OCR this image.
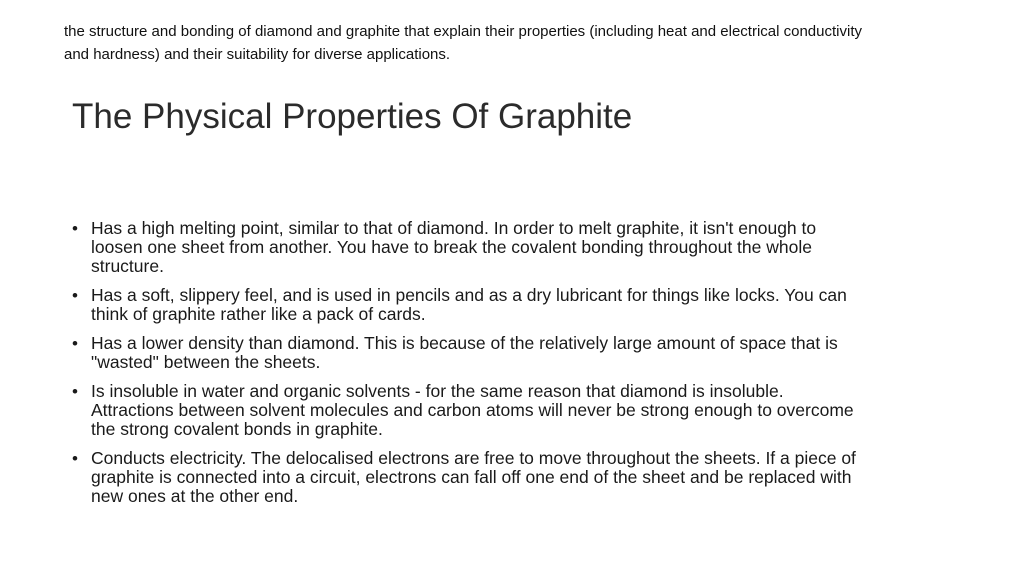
the structure and bonding of diamond and graphite that explain their properties (including heat and electrical conductivity and hardness) and their suitability for diverse applications.
The Physical Properties Of Graphite
• Has a high melting point, similar to that of diamond. In order to melt graphite, it isn't enough to loosen one sheet from another. You have to break the covalent bonding throughout the whole structure.
• Has a soft, slippery feel, and is used in pencils and as a dry lubricant for things like locks. You can think of graphite rather like a pack of cards.
• Has a lower density than diamond. This is because of the relatively large amount of space that is "wasted" between the sheets.
• Is insoluble in water and organic solvents - for the same reason that diamond is insoluble. Attractions between solvent molecules and carbon atoms will never be strong enough to overcome the strong covalent bonds in graphite.
• Conducts electricity. The delocalised electrons are free to move throughout the sheets. If a piece of graphite is connected into a circuit, electrons can fall off one end of the sheet and be replaced with new ones at the other end.
